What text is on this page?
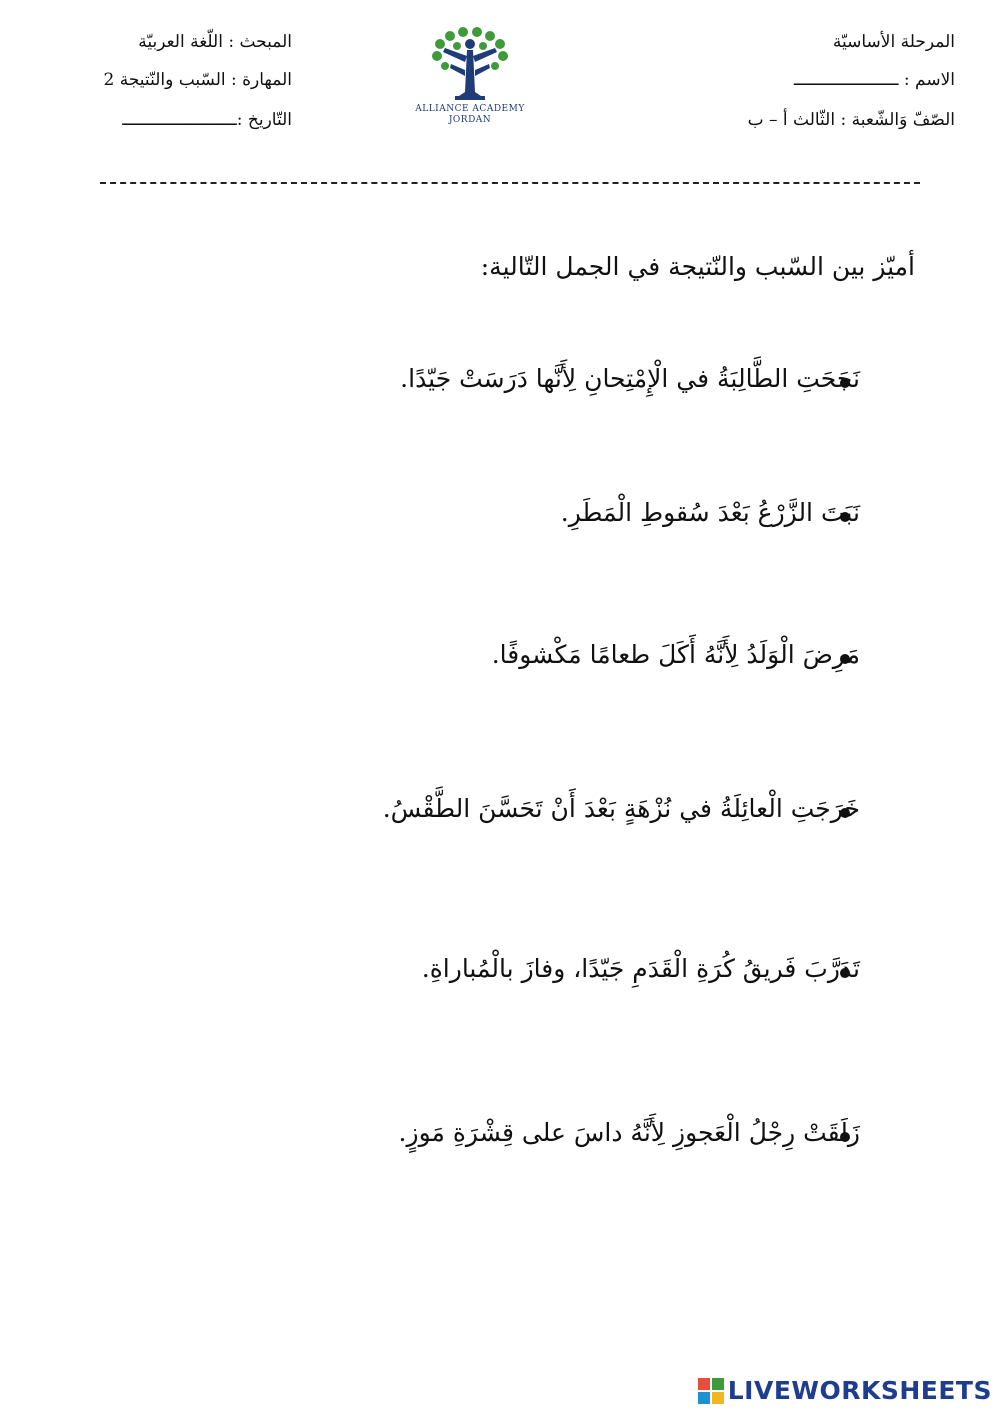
المرحلة الأساسيّة
الاسم : ـــــــــــــــــــــ
الصّفّ وَالشّعبة : الثّالث أ – ب
المبحث : اللّغة العربيّة
المهارة : السّبب والنّتيجة 2
التّاريخ :ـــــــــــــــــــــــ
ALLIANCE ACADEMY
JORDAN
أميّز بين السّبب والنّتيجة في الجمل التّالية:
نَجَحَتِ الطَّالِبَةُ في الْإِمْتِحانِ لِأَنَّها دَرَسَتْ جَيّدًا.
نَبَتَ الزَّرْعُ بَعْدَ سُقوطِ الْمَطَرِ.
مَرِضَ الْوَلَدُ لِأَنَّهُ أَكَلَ طعامًا مَكْشوفًا.
خَرَجَتِ الْعائِلَةُ في نُزْهَةٍ بَعْدَ أَنْ تَحَسَّنَ الطَّقْسُ.
تَدَرَّبَ فَريقُ كُرَةِ الْقَدَمِ جَيّدًا، وفازَ بالْمُباراةِ.
زَلَقَتْ رِجْلُ الْعَجوزِ لِأَنَّهُ داسَ على قِشْرَةِ مَوزٍ.
LIVEWORKSHEETS
